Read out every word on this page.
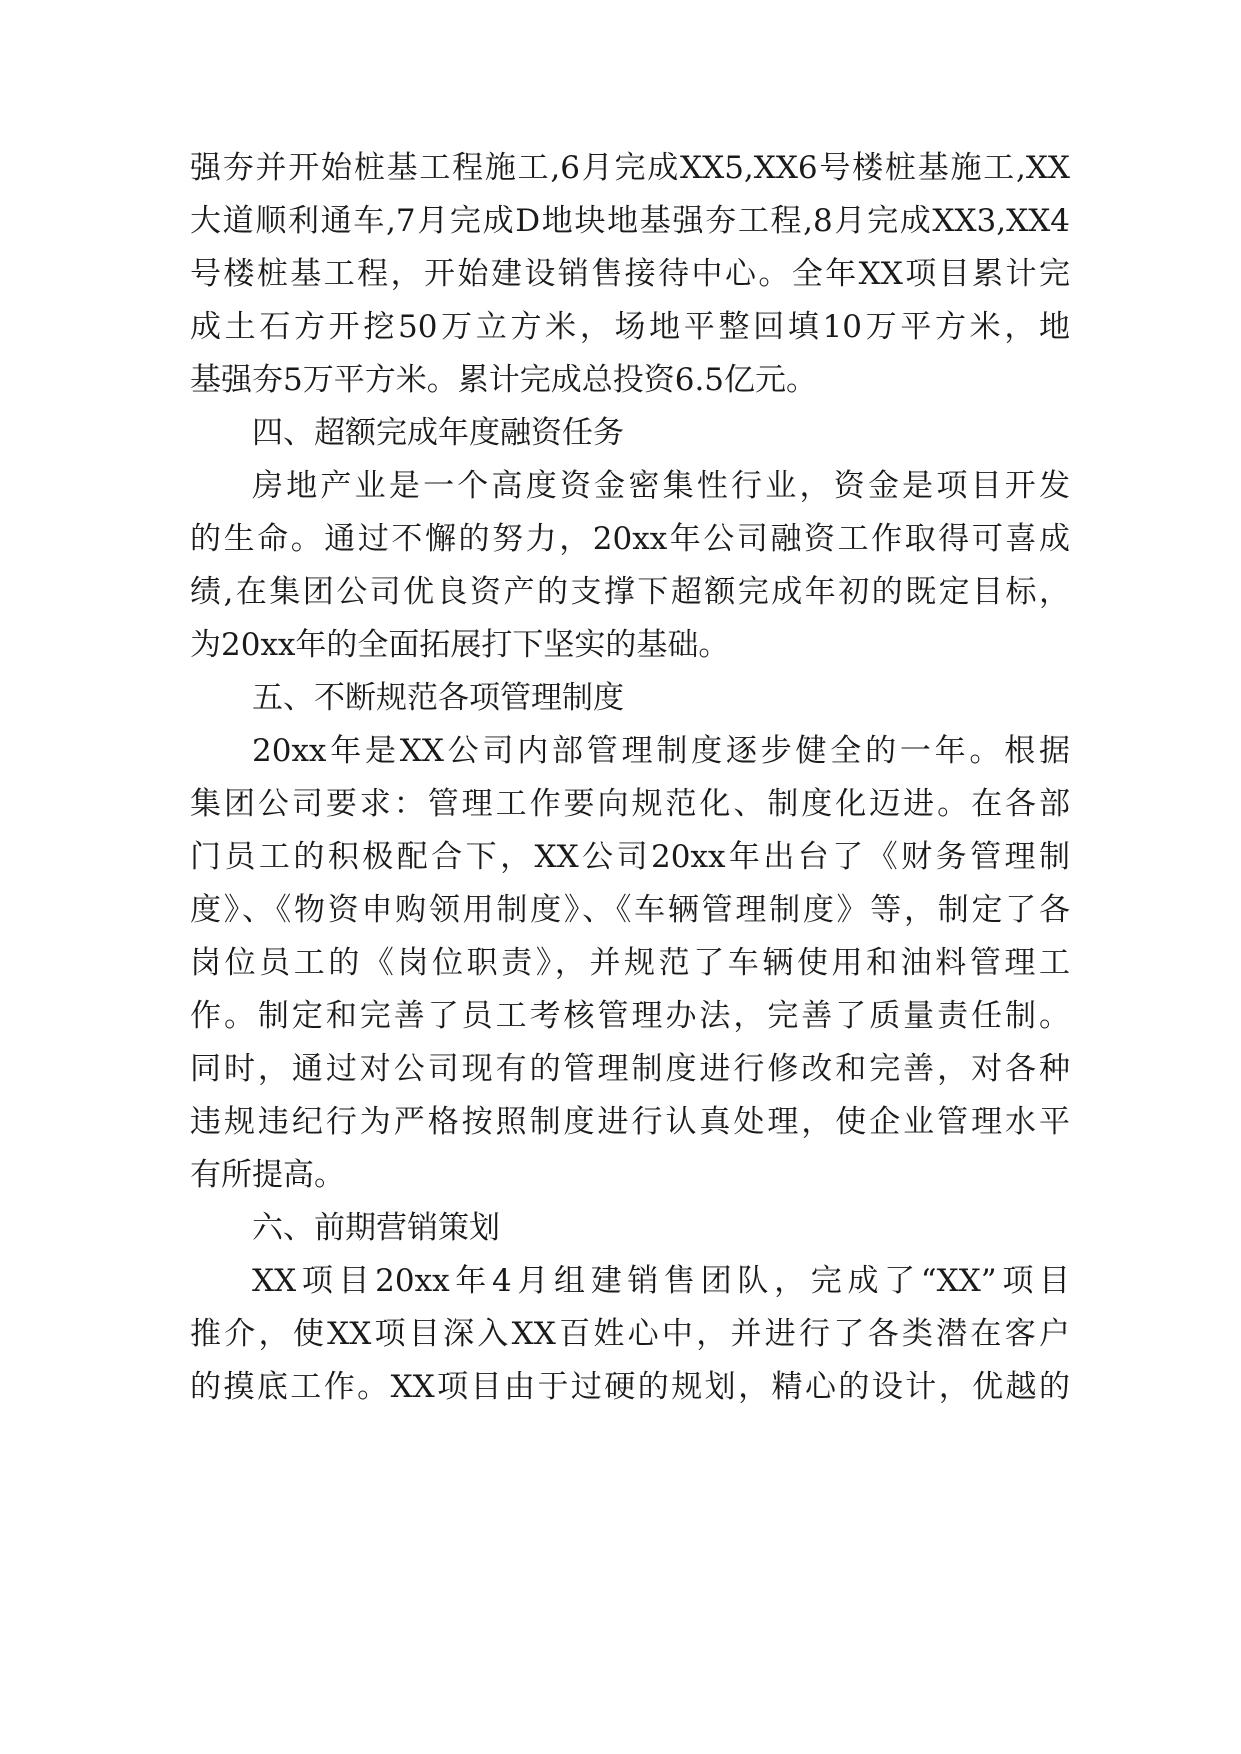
强夯并开始桩基工程施工,6月完成XX5,XX6号楼桩基施工,XX
大道顺利通车,7月完成D地块地基强夯工程,8月完成XX3,XX4
号楼桩基工程，开始建设销售接待中心。全年XX项目累计完
成土石方开挖50万立方米，场地平整回填10万平方米，地
基强夯5万平方米。累计完成总投资6.5亿元。
四、超额完成年度融资任务
房地产业是一个高度资金密集性行业，资金是项目开发
的生命。通过不懈的努力，20xx年公司融资工作取得可喜成
绩,在集团公司优良资产的支撑下超额完成年初的既定目标，
为20xx年的全面拓展打下坚实的基础。
五、不断规范各项管理制度
20xx年是XX公司内部管理制度逐步健全的一年。根据
集团公司要求：管理工作要向规范化、制度化迈进。在各部
门员工的积极配合下，XX公司20xx年出台了《财务管理制
度》、《物资申购领用制度》、《车辆管理制度》等，制定了各
岗位员工的《岗位职责》，并规范了车辆使用和油料管理工
作。制定和完善了员工考核管理办法，完善了质量责任制。
同时，通过对公司现有的管理制度进行修改和完善，对各种
违规违纪行为严格按照制度进行认真处理，使企业管理水平
有所提高。
六、前期营销策划
XX项目20xx年4月组建销售团队，完成了“XX”项目
推介，使XX项目深入XX百姓心中，并进行了各类潜在客户
的摸底工作。XX项目由于过硬的规划，精心的设计，优越的
